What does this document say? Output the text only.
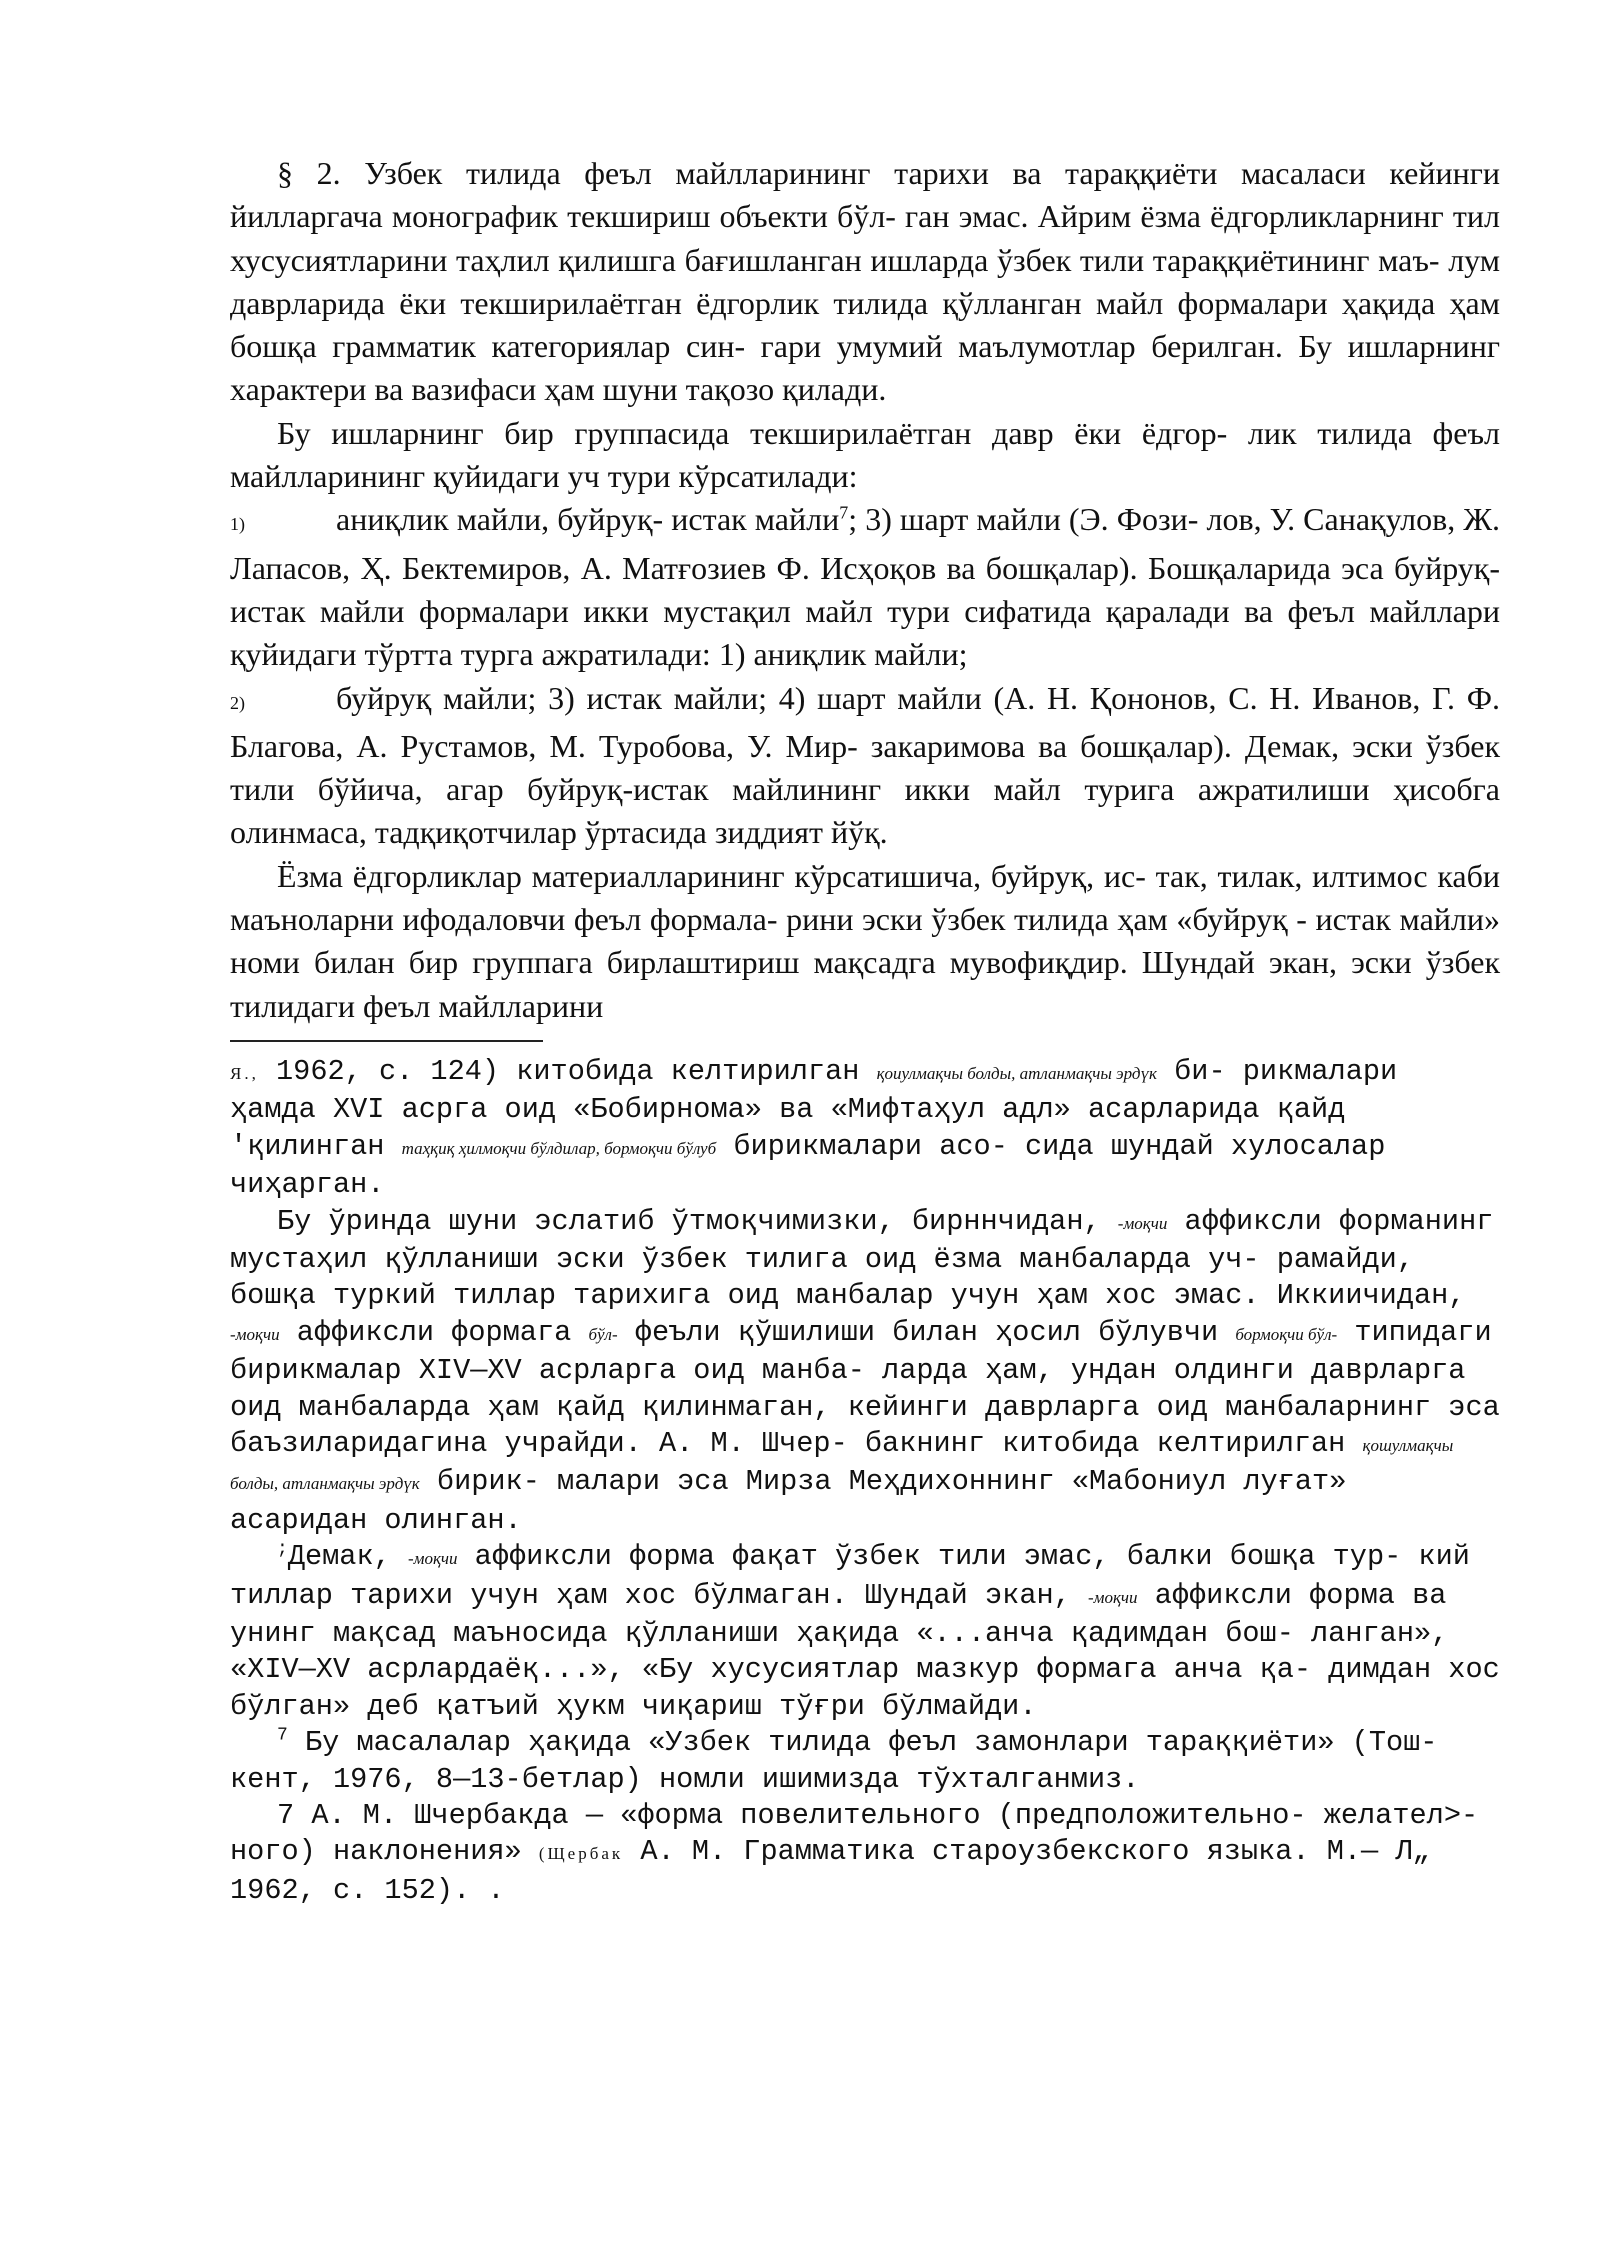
§ 2. Узбек тилида феъл майлларининг тарихи ва тараққиёти масаласи кейинги йилларгача монографик текшириш объекти бўл- ган эмас. Айрим ёзма ёдгорликларнинг тил хусусиятларини таҳлил қилишга бағишланган ишларда ўзбек тили тараққиётининг маъ- лум даврларида ёки текширилаётган ёдгорлик тилида қўлланган майл формалари ҳақида ҳам бошқа грамматик категориялар син- гари умумий маълумотлар берилган. Бу ишларнинг характери ва вазифаси ҳам шуни тақозо қилади.

Бу ишларнинг бир группасида текширилаётган давр ёки ёдгор- лик тилида феъл майлларининг қуйидаги уч тури кўрсатилади:

1)	аниқлик майли, буйруқ- истак майли$^7$; 3) шарт майли (Э. Фози- лов, У. Санақулов, Ж. Лапасов, Ҳ. Бектемиров, А. Матғозиев Ф. Исҳоқов ва бошқалар). Бошқаларида эса буйруқ-истак майли формалари икки мустақил майл тури сифатида қаралади ва феъл майллари қуйидаги тўртта турга ажратилади: 1) аниқлик майли;

2)	буйруқ майли; 3) истак майли; 4) шарт майли (А. Н. Қононов, С. Н. Иванов, Г. Ф. Благова, А. Рустамов, М. Туробова, У. Мир- закаримова ва бошқалар). Демак, эски ўзбек тили бўйича, агар буйруқ-истак майлининг икки майл турига ажратилиши ҳисобга олинмаса, тадқиқотчилар ўртасида зиддият йўқ.

Ёзма ёдгорликлар материалларининг кўрсатишича, буйруқ, ис- так, тилак, илтимос каби маъноларни ифодаловчи феъл формала- рини эски ўзбек тилида ҳам «буйруқ - истак майли» номи билан бир группага бирлаштириш мақсадга мувофиқдир. Шундай экан, эски ўзбек тилидаги феъл майлларини

Я., 1962, с. 124) китобида келтирилган қоиулмақчы болды, атланмақчы эрдүк би- рикмалари ҳамда XVI асрга оид «Бобирнома» ва «Мифтаҳул адл» асарларида қайд 'қилинган таҳқиқ ҳилмоқчи бўлдилар, бормоқчи бўлуб бирикмалари асо- сида шундай хулосалар чиҳарган.

Бу ўринда шуни эслатиб ўтмоқчимизки, бирннчидан, -моқчи аффиксли форманинг мустаҳил қўлланиши эски ўзбек тилига оид ёзма манбаларда уч- рамайди, бошқа туркий тиллар тарихига оид манбалар учун ҳам хос эмас. Иккиичидан, -моқчи аффиксли формага бўл- феъли қўшилиши билан ҳосил бўлувчи бормоқчи бўл- типидаги бирикмалар XIV—XV асрларга оид манба- ларда ҳам, ундан олдинги даврларга оид манбаларда ҳам қайд қилинмаган, кейинги даврларга оид манбаларнинг эса баъзиларидагина учрайди. А. М. Шчер- бакнинг китобида келтирилган қошулмақчы болды, атланмақчы эрдүк бирик- малари эса Мирза Меҳдихоннинг «Мабониул луғат» асаридан олинган.

;Демак, -моқчи аффиксли форма фақат ўзбек тили эмас, балки бошқа тур- кий тиллар тарихи учун ҳам хос бўлмаган. Шундай экан, -моқчи аффиксли форма ва унинг мақсад маъносида қўлланиши ҳақида «...анча қадимдан бош- ланган», «XIV—XV асрлардаёқ...», «Бу хусусиятлар мазкур формага анча қа- димдан хос бўлган» деб қатъий ҳукм чиқариш тўғри бўлмайди.

$^7$ Бу масалалар ҳақида «Узбек тилида феъл замонлари тараққиёти» (Тош- кент, 1976, 8—13-бетлар) номли ишимизда тўхталганмиз.

7 А. М. Шчербакда — «форма повелительного (предположительно- желател>- ного) наклонения» (Щербак А. М. Грамматика староузбекского языка. М.— Л„ 1962, с. 152). .
